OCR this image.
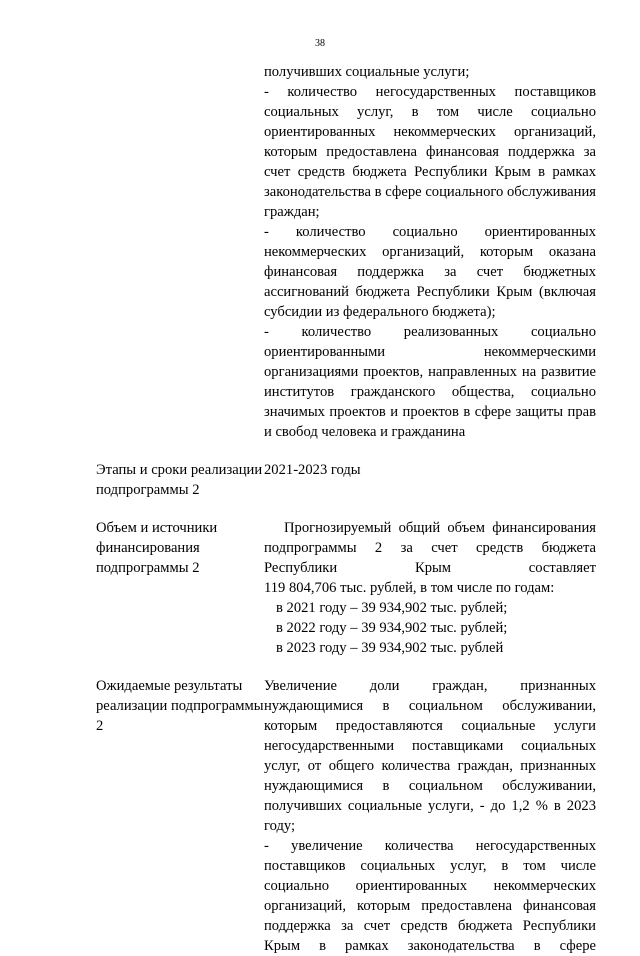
38
получивших социальные услуги;
- количество негосударственных поставщиков социальных услуг, в том числе социально ориентированных некоммерческих организаций, которым предоставлена финансовая поддержка за счет средств бюджета Республики Крым в рамках законодательства в сфере социального обслуживания граждан;
- количество социально ориентированных некоммерческих организаций, которым оказана финансовая поддержка за счет бюджетных ассигнований бюджета Республики Крым (включая субсидии из федерального бюджета);
- количество реализованных социально ориентированными некоммерческими организациями проектов, направленных на развитие институтов гражданского общества, социально значимых проектов и проектов в сфере защиты прав и свобод человека и гражданина
Этапы и сроки реализации подпрограммы 2
2021-2023 годы
Объем и источники финансирования подпрограммы 2
Прогнозируемый общий объем финансирования подпрограммы 2 за счет средств бюджета Республики Крым составляет
119 804,706 тыс. рублей, в том числе по годам:
в 2021 году – 39 934,902 тыс. рублей;
в 2022 году – 39 934,902 тыс. рублей;
в 2023 году – 39 934,902 тыс. рублей
Ожидаемые результаты реализации подпрограммы 2
Увеличение доли граждан, признанных нуждающимися в социальном обслуживании, которым предоставляются социальные услуги негосударственными поставщиками социальных услуг, от общего количества граждан, признанных нуждающимися в социальном обслуживании, получивших социальные услуги, - до 1,2 % в 2023 году;
- увеличение количества негосударственных поставщиков социальных услуг, в том числе социально ориентированных некоммерческих организаций, которым предоставлена финансовая поддержка за счет средств бюджета Республики Крым в рамках законодательства в сфере
